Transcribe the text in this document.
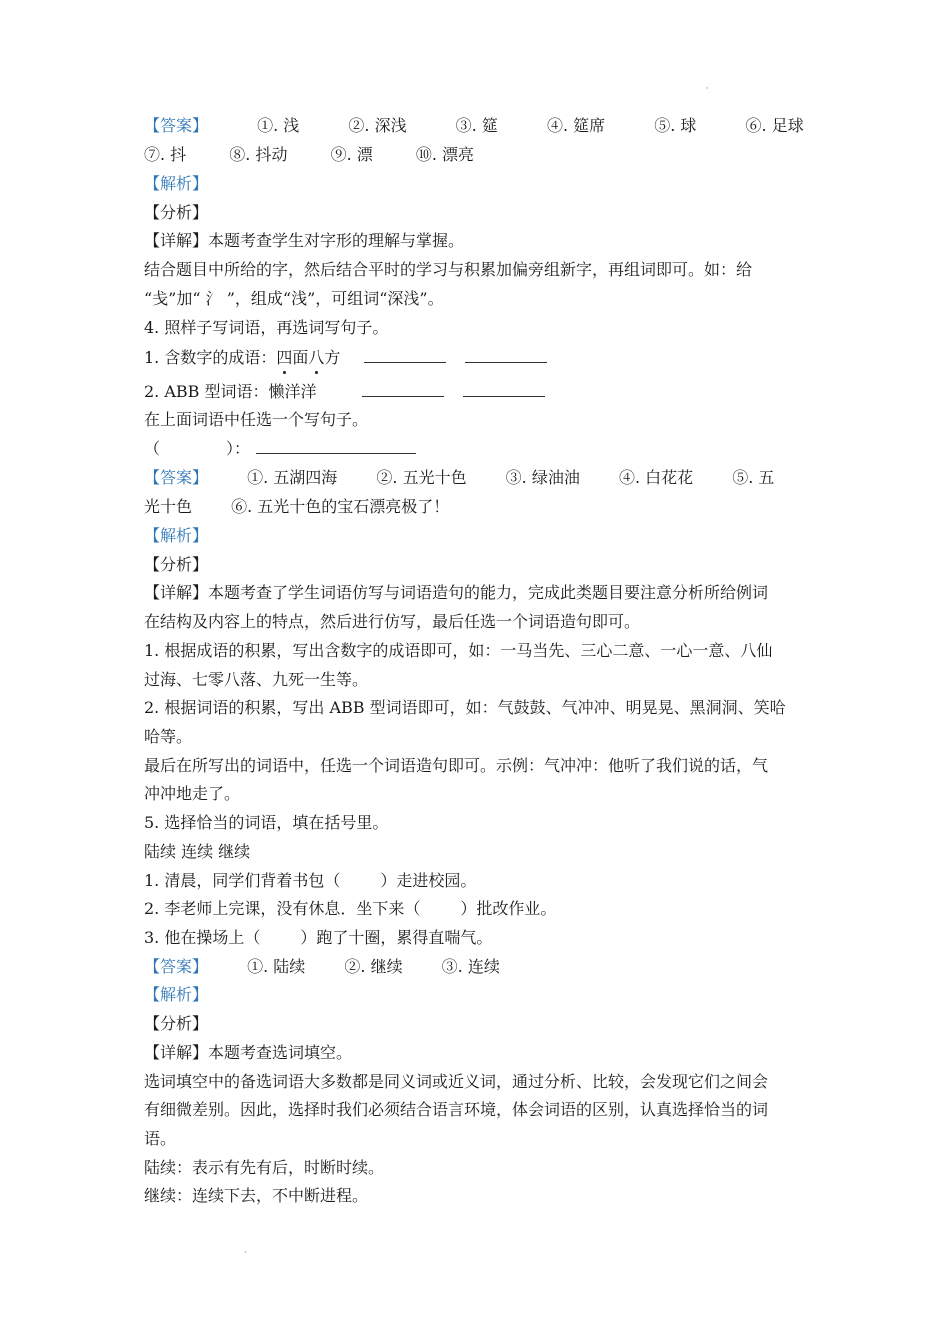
·
·
【答案】	①. 浅	②. 深浅	③. 筵	④. 筵席	⑤. 球	⑥. 足球
⑦. 抖	⑧. 抖动	⑨. 漂	⑩. 漂亮
【解析】
【分析】
【详解】本题考查学生对字形的理解与掌握。
结合题目中所给的字，然后结合平时的学习与积累加偏旁组新字，再组词即可。如：给
“戋”加“ 氵 ”，组成“浅”，可组词“深浅”。
4. 照样子写词语，再选词写句子。
1. 含数字的成语：四面八方
2. ABB 型词语：懒洋洋
在上面词语中任选一个写句子。
（	）：
【答案】 ①. 五湖四海 ②. 五光十色 ③. 绿油油 ④. 白花花 ⑤. 五
光十色 ⑥. 五光十色的宝石漂亮极了！
【解析】
【分析】
【详解】本题考查了学生词语仿写与词语造句的能力，完成此类题目要注意分析所给例词
在结构及内容上的特点，然后进行仿写，最后任选一个词语造句即可。
1. 根据成语的积累，写出含数字的成语即可，如：一马当先、三心二意、一心一意、八仙
过海、七零八落、九死一生等。
2. 根据词语的积累，写出 ABB 型词语即可，如：气鼓鼓、气冲冲、明晃晃、黑洞洞、笑哈
哈等。
最后在所写出的词语中，任选一个词语造句即可。示例：气冲冲：他听了我们说的话，气
冲冲地走了。
5. 选择恰当的词语，填在括号里。
陆续 连续 继续
1. 清晨，同学们背着书包（	）走进校园。
2. 李老师上完课，没有休息．坐下来（	）批改作业。
3. 他在操场上（	）跑了十圈，累得直喘气。
【答案】 ①. 陆续 ②. 继续 ③. 连续
【解析】
【分析】
【详解】本题考查选词填空。
选词填空中的备选词语大多数都是同义词或近义词，通过分析、比较，会发现它们之间会
有细微差别。因此，选择时我们必须结合语言环境，体会词语的区别，认真选择恰当的词
语。
陆续：表示有先有后，时断时续。
继续：连续下去，不中断进程。
